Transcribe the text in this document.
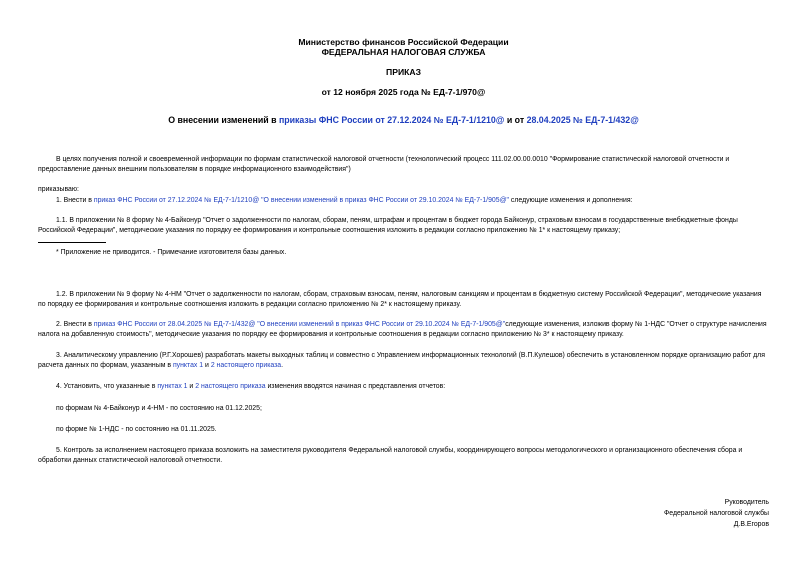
Министерство финансов Российской Федерации
ФЕДЕРАЛЬНАЯ НАЛОГОВАЯ СЛУЖБА
ПРИКАЗ
от 12 ноября 2025 года № ЕД-7-1/970@
О внесении изменений в приказы ФНС России от 27.12.2024 № ЕД-7-1/1210@ и от 28.04.2025 № ЕД-7-1/432@
В целях получения полной и своевременной информации по формам статистической налоговой отчетности (технологический процесс 111.02.00.00.0010 "Формирование статистической налоговой отчетности и предоставление данных внешним пользователям в порядке информационного взаимодействия")
приказываю:
1. Внести в приказ ФНС России от 27.12.2024 № ЕД-7-1/1210@ "О внесении изменений в приказ ФНС России от 29.10.2024 № ЕД-7-1/905@" следующие изменения и дополнения:
1.1. В приложении № 8 форму № 4-Байконур "Отчет о задолженности по налогам, сборам, пеням, штрафам и процентам в бюджет города Байконур, страховым взносам в государственные внебюджетные фонды Российской Федерации", методические указания по порядку ее формирования и контрольные соотношения изложить в редакции согласно приложению № 1* к настоящему приказу;
* Приложение не приводится. - Примечание изготовителя базы данных.
1.2. В приложении № 9 форму № 4-НМ "Отчет о задолженности по налогам, сборам, страховым взносам, пеням, налоговым санкциям и процентам в бюджетную систему Российской Федерации", методические указания по порядку ее формирования и контрольные соотношения изложить в редакции согласно приложению № 2* к настоящему приказу.
2. Внести в приказ ФНС России от 28.04.2025 № ЕД-7-1/432@ "О внесении изменений в приказ ФНС России от 29.10.2024 № ЕД-7-1/905@"следующие изменения, изложив форму № 1-НДС "Отчет о структуре начисления налога на добавленную стоимость", методические указания по порядку ее формирования и контрольные соотношения в редакции согласно приложению № 3* к настоящему приказу.
3. Аналитическому управлению (Р.Г.Хорошев) разработать макеты выходных таблиц и совместно с Управлением информационных технологий (В.П.Кулешов) обеспечить в установленном порядке организацию работ для расчета данных по формам, указанным в пунктах 1 и 2 настоящего приказа.
4. Установить, что указанные в пунктах 1 и 2 настоящего приказа изменения вводятся начиная с представления отчетов:
по формам № 4-Байконур и 4-НМ - по состоянию на 01.12.2025;
по форме № 1-НДС - по состоянию на 01.11.2025.
5. Контроль за исполнением настоящего приказа возложить на заместителя руководителя Федеральной налоговой службы, координирующего вопросы методологического и организационного обеспечения сбора и обработки данных статистической налоговой отчетности.
Руководитель
Федеральной налоговой службы
Д.В.Егоров
